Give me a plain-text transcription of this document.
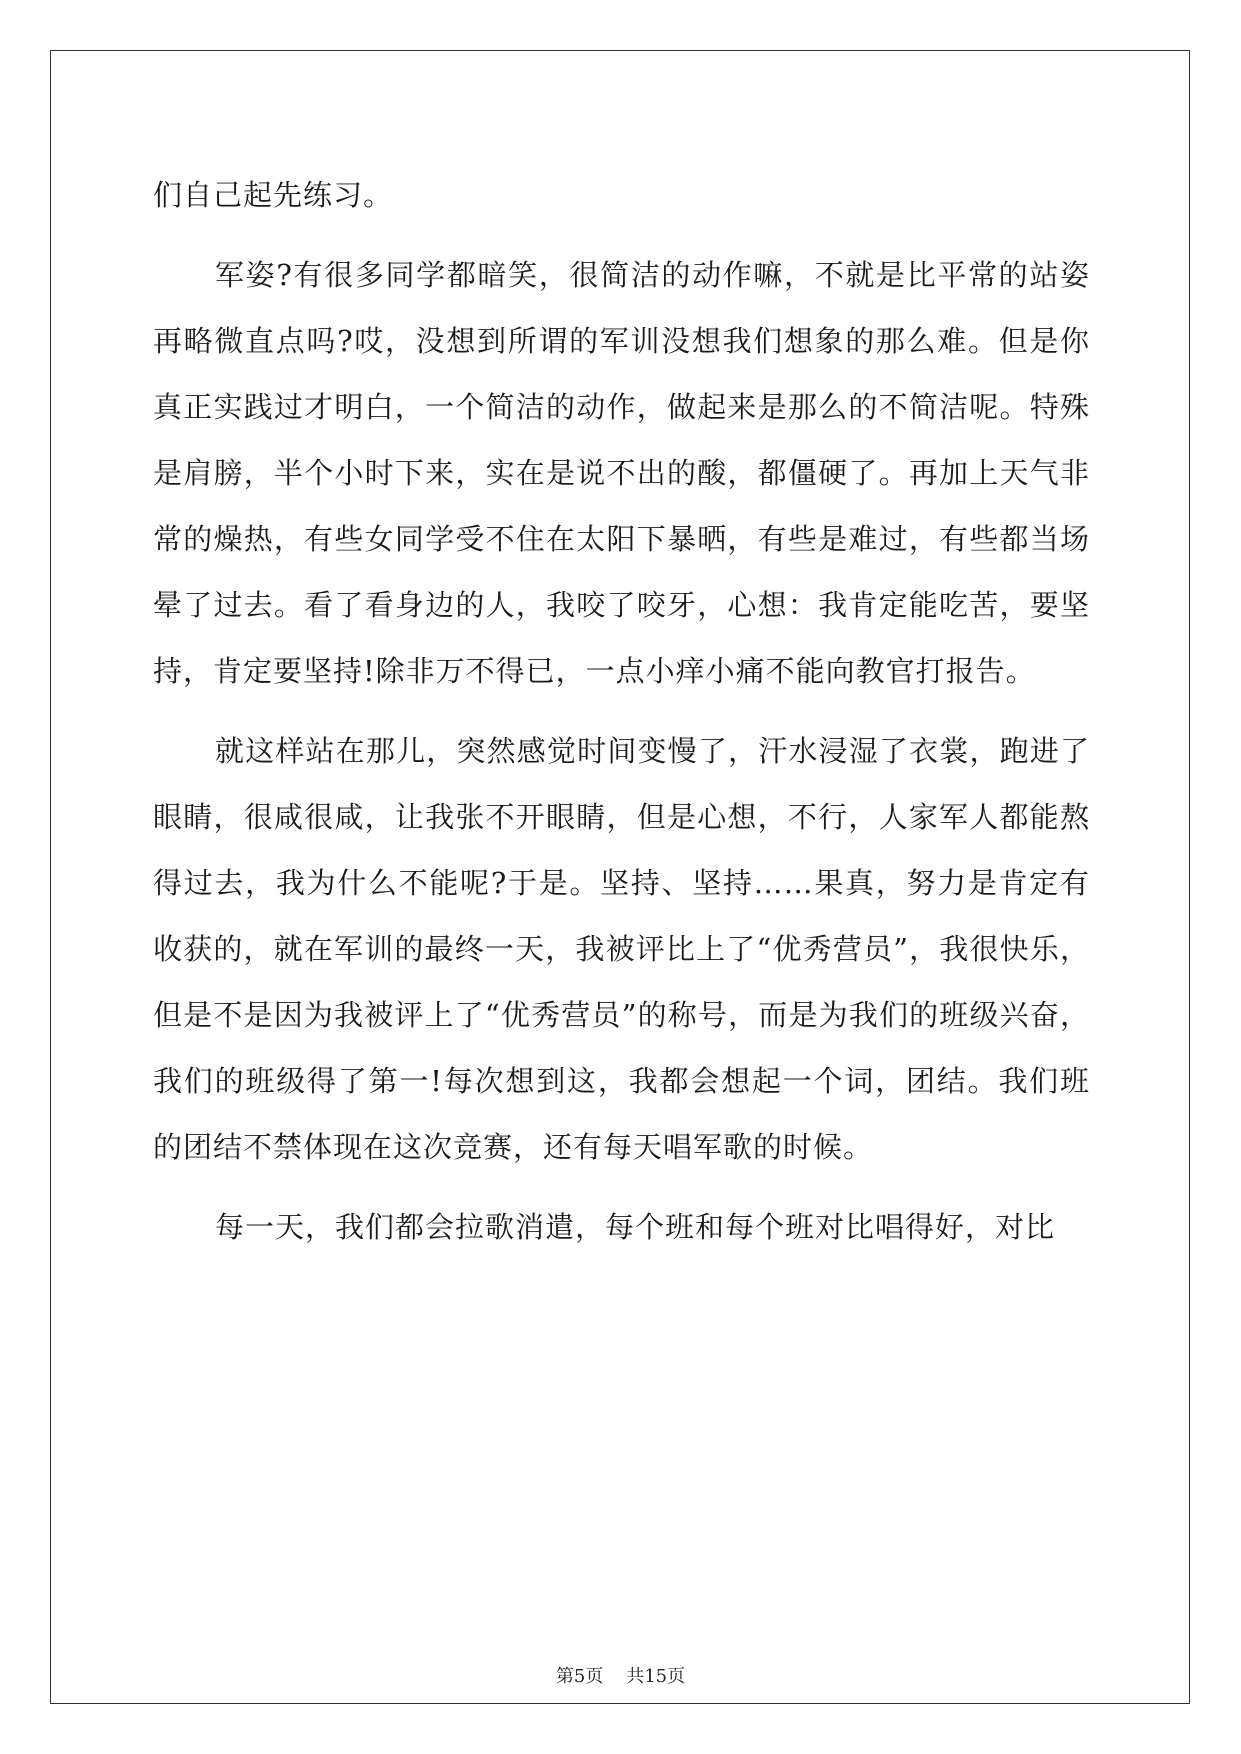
们自己起先练习。

军姿?有很多同学都暗笑，很简洁的动作嘛，不就是比平常的站姿再略微直点吗?哎，没想到所谓的军训没想我们想象的那么难。但是你真正实践过才明白，一个简洁的动作，做起来是那么的不简洁呢。特殊是肩膀，半个小时下来，实在是说不出的酸，都僵硬了。再加上天气非常的燥热，有些女同学受不住在太阳下暴晒，有些是难过，有些都当场晕了过去。看了看身边的人，我咬了咬牙，心想：我肯定能吃苦，要坚持，肯定要坚持!除非万不得已，一点小痒小痛不能向教官打报告。

就这样站在那儿，突然感觉时间变慢了，汗水浸湿了衣裳，跑进了眼睛，很咸很咸，让我张不开眼睛，但是心想，不行，人家军人都能熬得过去，我为什么不能呢?于是。坚持、坚持……果真，努力是肯定有收获的，就在军训的最终一天，我被评比上了“优秀营员”，我很快乐，但是不是因为我被评上了“优秀营员”的称号，而是为我们的班级兴奋，我们的班级得了第一!每次想到这，我都会想起一个词，团结。我们班的团结不禁体现在这次竞赛，还有每天唱军歌的时候。

每一天，我们都会拉歌消遣，每个班和每个班对比唱得好，对比

第5页    共15页
